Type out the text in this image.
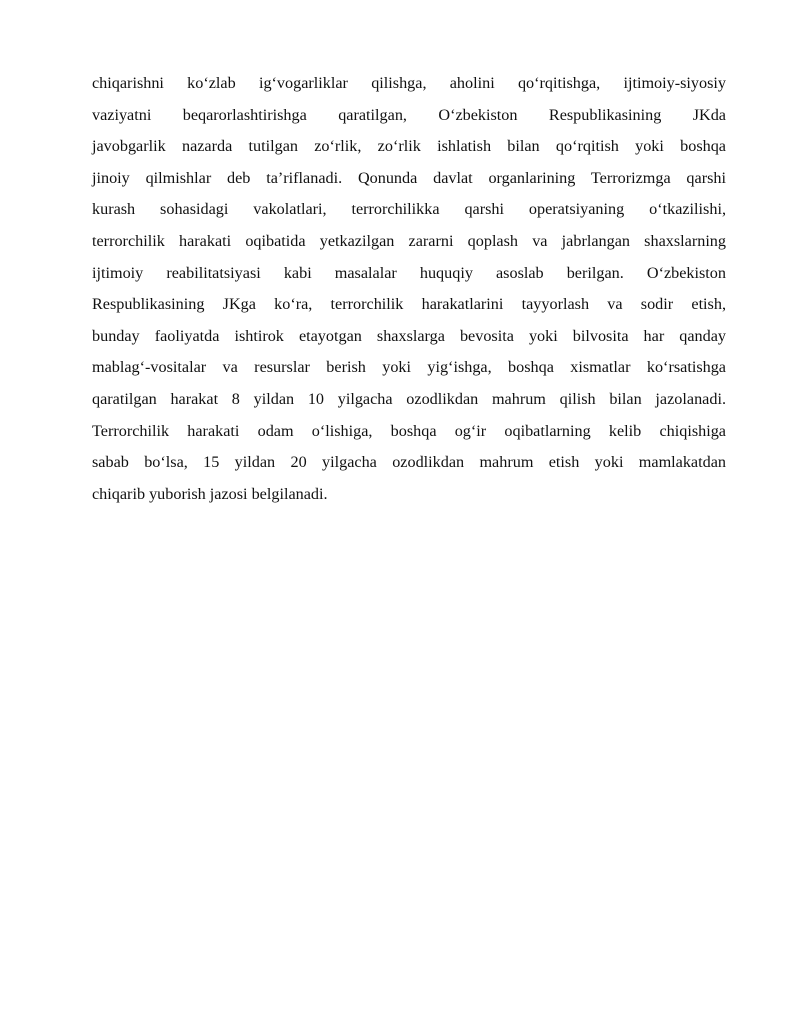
chiqarishni ko‘zlab ig‘vogarliklar qilishga, aholini qo‘rqitishga, ijtimoiy-siyosiy
vaziyatni beqarorlashtirishga qaratilgan, O‘zbekiston Respublikasining JKda
javobgarlik nazarda tutilgan zo‘rlik, zo‘rlik ishlatish bilan qo‘rqitish yoki boshqa
jinoiy qilmishlar deb ta’riflanadi. Qonunda davlat organlarining Terrorizmga qarshi
kurash sohasidagi vakolatlari, terrorchilikka qarshi operatsiyaning o‘tkazilishi,
terrorchilik harakati oqibatida yetkazilgan zararni qoplash va jabrlangan shaxslarning
ijtimoiy reabilitatsiyasi kabi masalalar huquqiy asoslab berilgan. O‘zbekiston
Respublikasining JKga ko‘ra, terrorchilik harakatlarini tayyorlash va sodir etish,
bunday faoliyatda ishtirok etayotgan shaxslarga bevosita yoki bilvosita har qanday
mablag‘-vositalar va resurslar berish yoki yig‘ishga, boshqa xismatlar ko‘rsatishga
qaratilgan harakat 8 yildan 10 yilgacha ozodlikdan mahrum qilish bilan jazolanadi.
Terrorchilik harakati odam o‘lishiga, boshqa og‘ir oqibatlarning kelib chiqishiga
sabab bo‘lsa, 15 yildan 20 yilgacha ozodlikdan mahrum etish yoki mamlakatdan
chiqarib yuborish jazosi belgilanadi.
